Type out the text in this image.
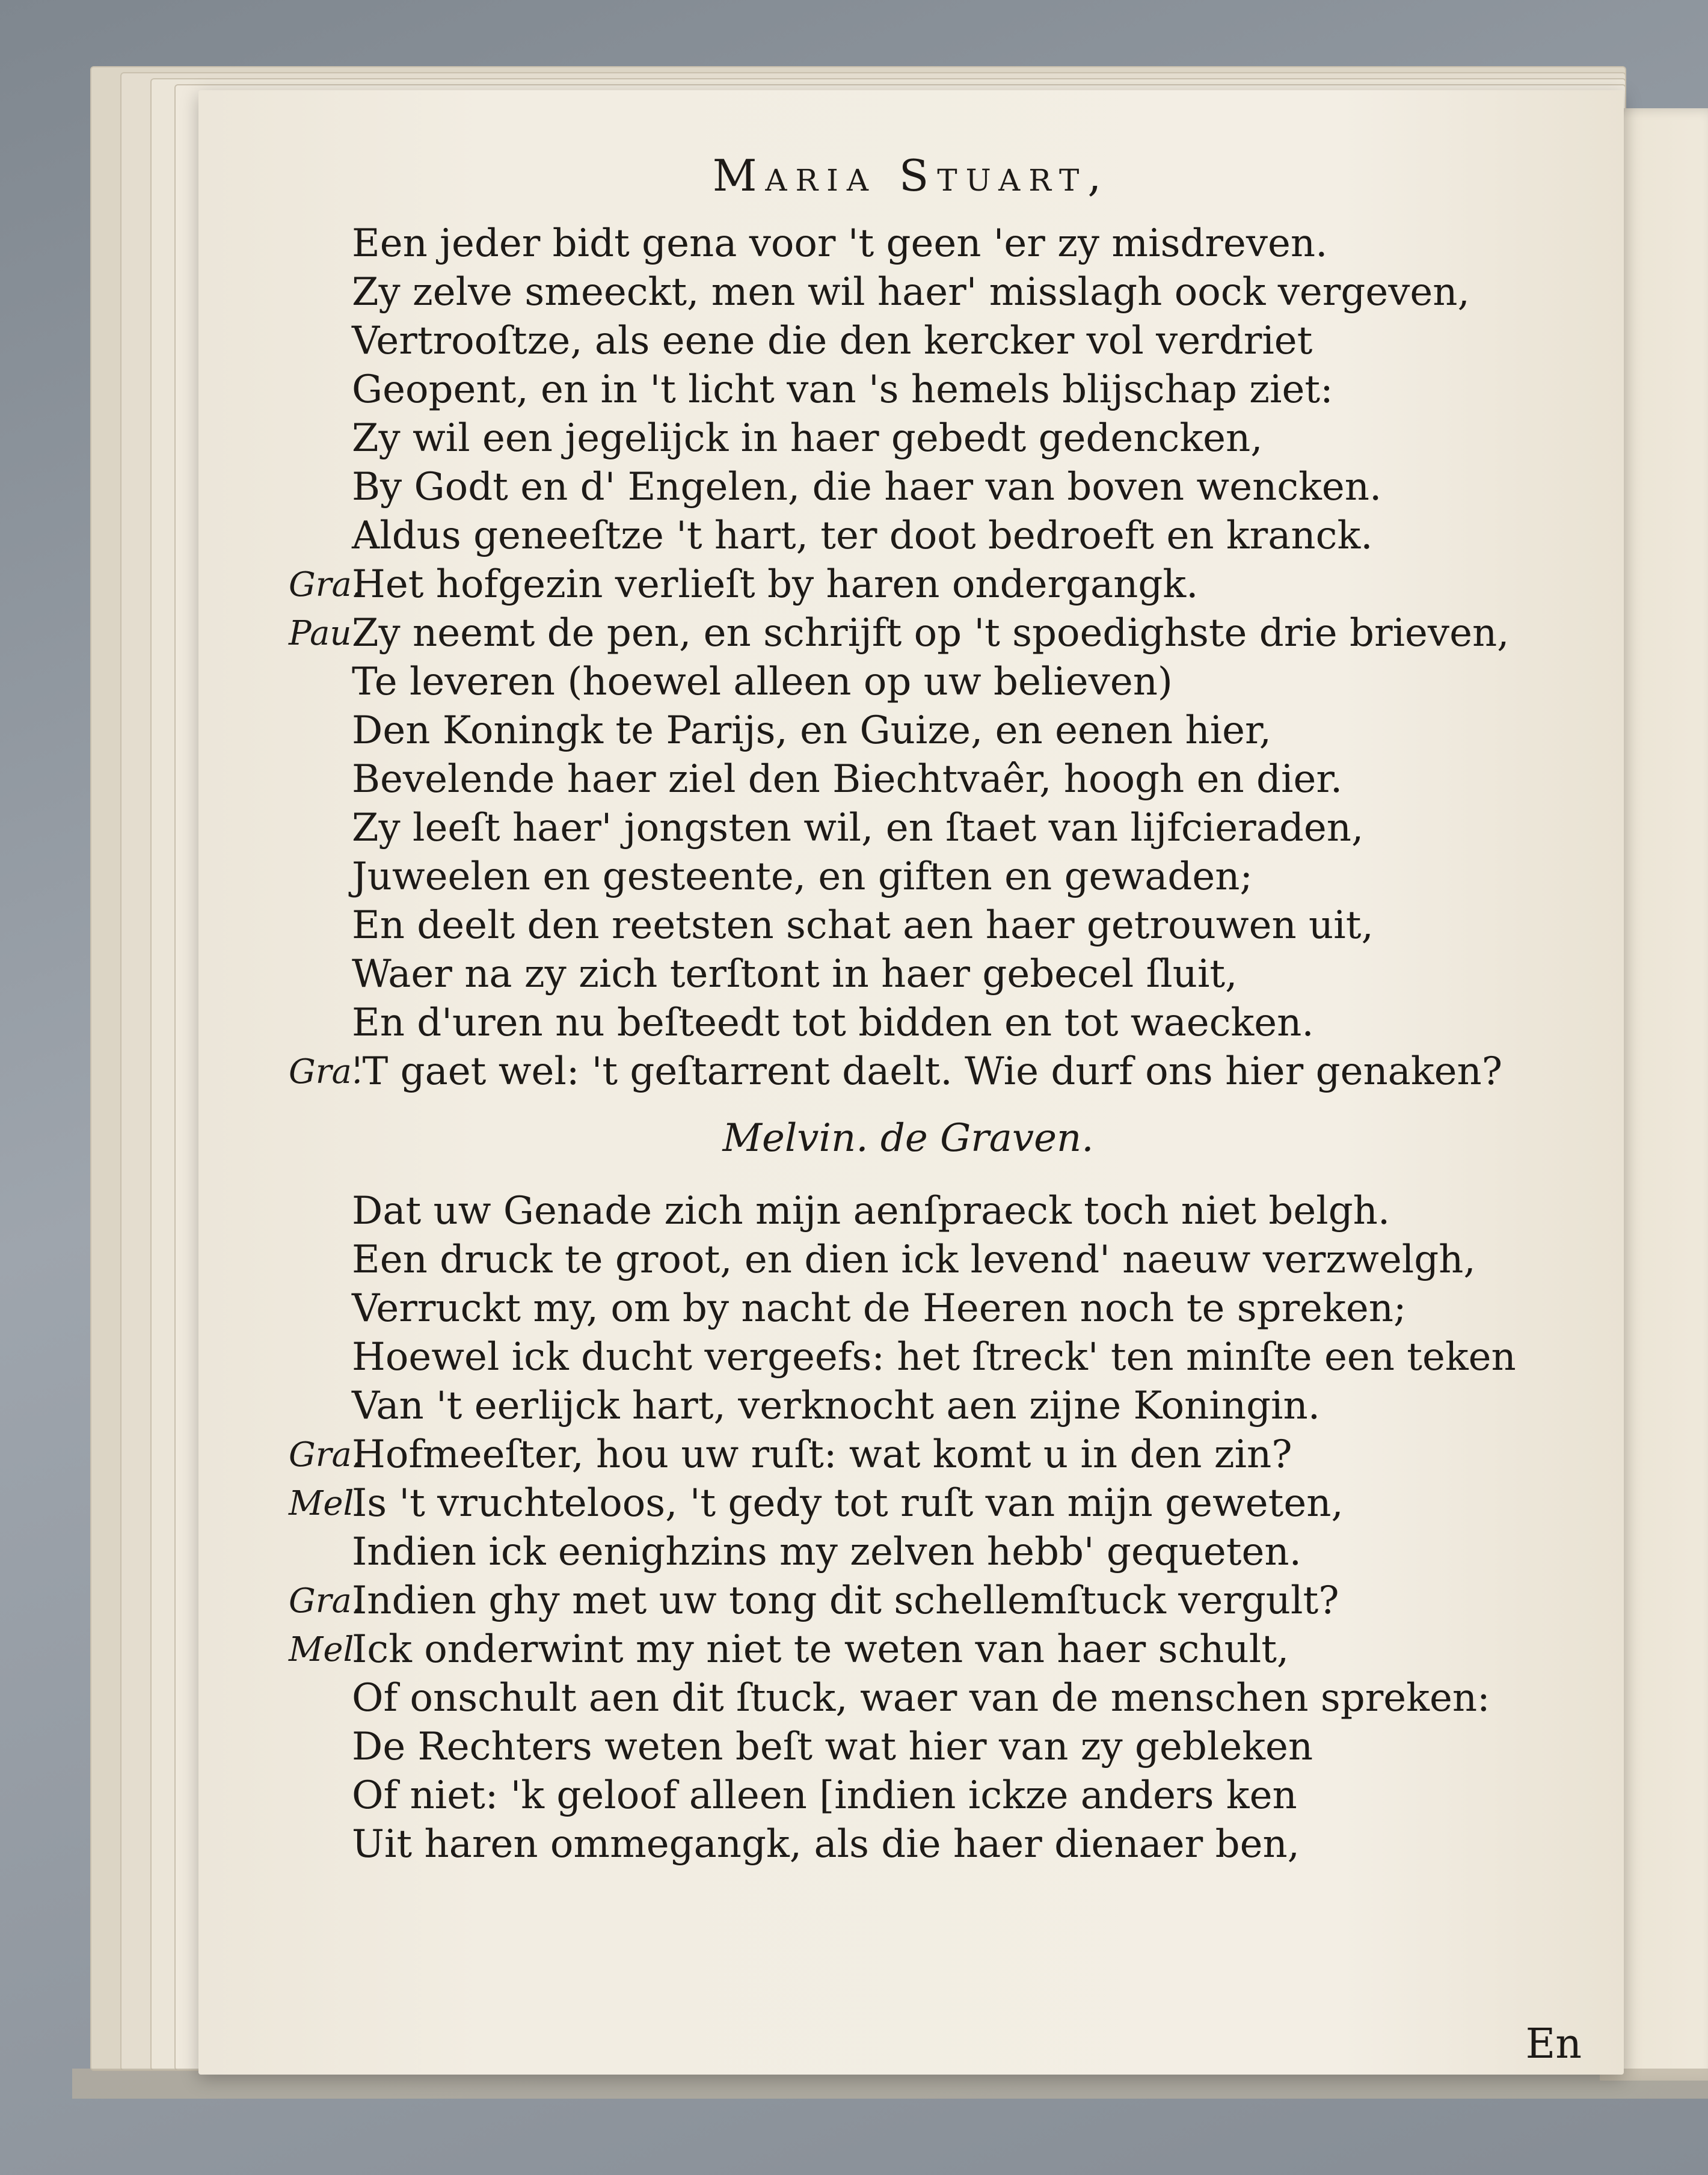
Maria Stuart,
Een jeder bidt gena voor 't geen 'er zy misdreven.
Zy zelve smeeckt, men wil haer' misslagh oock vergeven,
Vertrooſtze, als eene die den kercker vol verdriet
Geopent, en in 't licht van 's hemels blijschap ziet:
Zy wil een jegelijck in haer gebedt gedencken,
By Godt en d' Engelen, die haer van boven wencken.
Aldus geneeſtze 't hart, ter doot bedroeft en kranck.
Gra.
Het hofgezin verlieſt by haren ondergangk.
Pau.
Zy neemt de pen, en schrijft op 't spoedighste drie brieven,
Te leveren (hoewel alleen op uw believen)
Den Koningk te Parijs, en Guize, en eenen hier,
Bevelende haer ziel den Biechtvaêr, hoogh en dier.
Zy leeſt haer' jongsten wil, en ſtaet van lijfcieraden,
Juweelen en gesteente, en giften en gewaden;
En deelt den reetsten schat aen haer getrouwen uit,
Waer na zy zich terſtont in haer gebecel ſluit,
En d'uren nu beſteedt tot bidden en tot waecken.
Gra.
'T gaet wel: 't geſtarrent daelt. Wie durf ons hier genaken?
Melvin. de Graven.
Dat uw Genade zich mijn aenſpraeck toch niet belgh.
Een druck te groot, en dien ick levend' naeuw verzwelgh,
Verruckt my, om by nacht de Heeren noch te spreken;
Hoewel ick ducht vergeefs: het ſtreck' ten minſte een teken
Van 't eerlijck hart, verknocht aen zijne Koningin.
Gra.
Hofmeeſter, hou uw ruſt: wat komt u in den zin?
Mel.
Is 't vruchteloos, 't gedy tot ruſt van mijn geweten,
Indien ick eenighzins my zelven hebb' gequeten.
Gra.
Indien ghy met uw tong dit schellemſtuck vergult?
Mel.
Ick onderwint my niet te weten van haer schult,
Of onschult aen dit ſtuck, waer van de menschen spreken:
De Rechters weten beſt wat hier van zy gebleken
Of niet: 'k geloof alleen [indien ickze anders ken
Uit haren ommegangk, als die haer dienaer ben,
En
